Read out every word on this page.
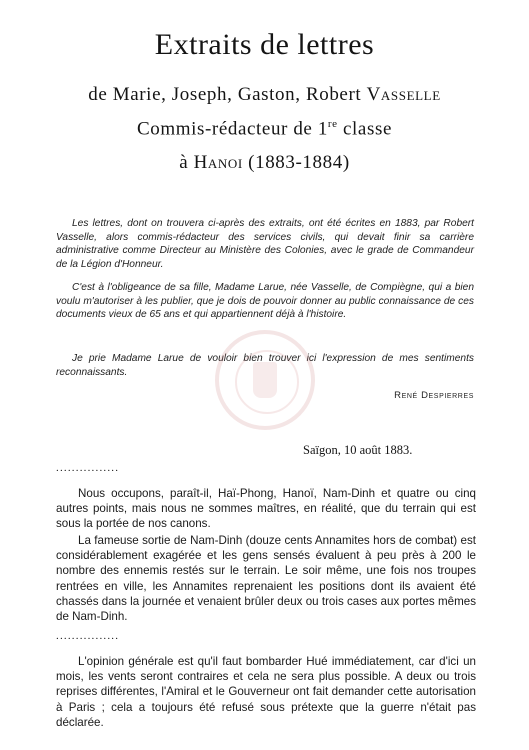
Extraits de lettres
de Marie, Joseph, Gaston, Robert Vasselle
Commis-rédacteur de 1re classe
à Hanoi (1883-1884)

Les lettres, dont on trouvera ci-après des extraits, ont été écrites en 1883, par Robert Vasselle, alors commis-rédacteur des services civils, qui devait finir sa carrière administrative comme Directeur au Ministère des Colonies, avec le grade de Commandeur de la Légion d'Honneur.

C'est à l'obligeance de sa fille, Madame Larue, née Vasselle, de Compiègne, qui a bien voulu m'autoriser à les publier, que je dois de pouvoir donner au public connaissance de ces documents vieux de 65 ans et qui appartiennent déjà à l'histoire.

Je prie Madame Larue de vouloir bien trouver ici l'expression de mes sentiments reconnaissants.

René Despierres
Saïgon, 10 août 1883.
................

Nous occupons, paraît-il, Haï-Phong, Hanoï, Nam-Dinh et quatre ou cinq autres points, mais nous ne sommes maîtres, en réalité, que du terrain qui est sous la portée de nos canons.

La fameuse sortie de Nam-Dinh (douze cents Annamites hors de combat) est considérablement exagérée et les gens sensés évaluent à peu près à 200 le nombre des ennemis restés sur le terrain. Le soir même, une fois nos troupes rentrées en ville, les Annamites reprenaient les positions dont ils avaient été chassés dans la journée et venaient brûler deux ou trois cases aux portes mêmes de Nam-Dinh.

................

L'opinion générale est qu'il faut bombarder Hué immédiatement, car d'ici un mois, les vents seront contraires et cela ne sera plus possible. A deux ou trois reprises différentes, l'Amiral et le Gouverneur ont fait demander cette autorisation à Paris ; cela a toujours été refusé sous prétexte que la guerre n'était pas déclarée.
